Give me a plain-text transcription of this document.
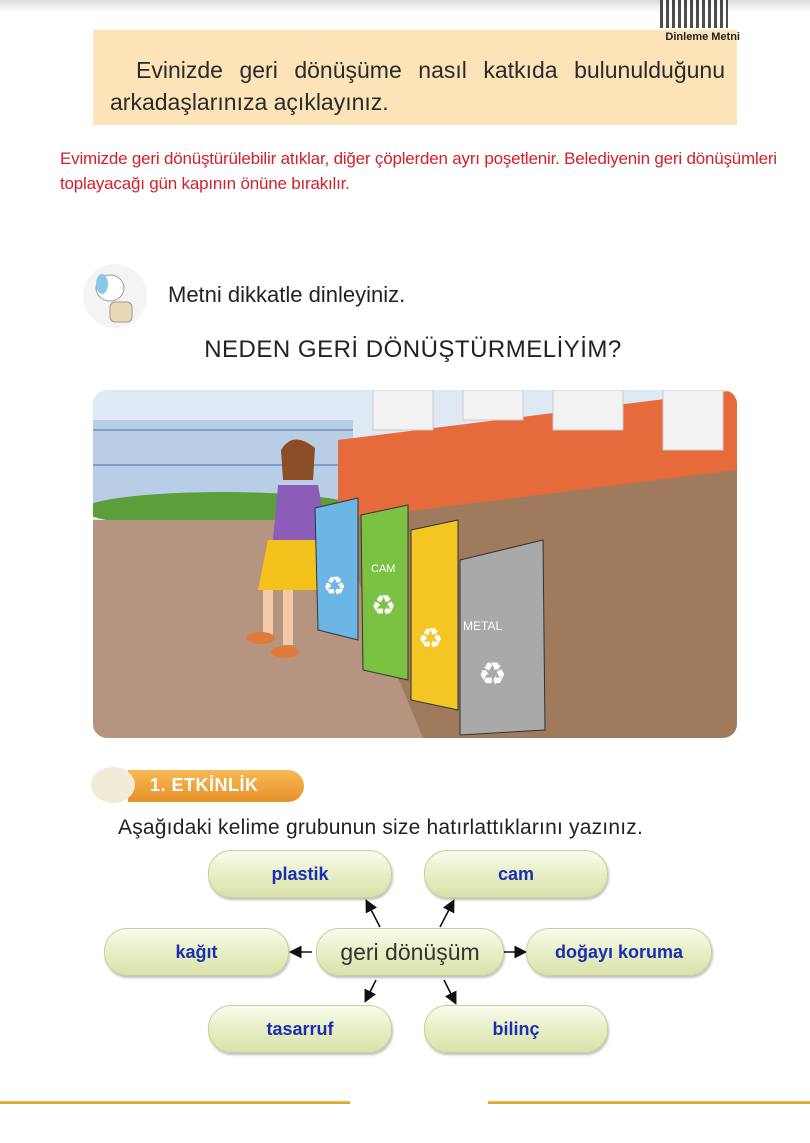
Evinizde geri dönüşüme nasıl katkıda bulunulduğunu arkadaşlarınıza açıklayınız.
Dinleme Metni
Evimizde geri dönüştürülebilir atıklar, diğer çöplerden ayrı poşetlenir. Belediyenin geri dönüşümleri toplayacağı gün kapının önüne bırakılır.
Metni dikkatle dinleyiniz.
NEDEN GERİ DÖNÜŞTÜRMELİYİM?
CAM
METAL
♻
♻
♻
♻
1. ETKİNLİK
Aşağıdaki kelime grubunun size hatırlattıklarını yazınız.
geri dönüşüm
plastik	cam
kağıt	doğayı koruma
tasarruf	bilinç
